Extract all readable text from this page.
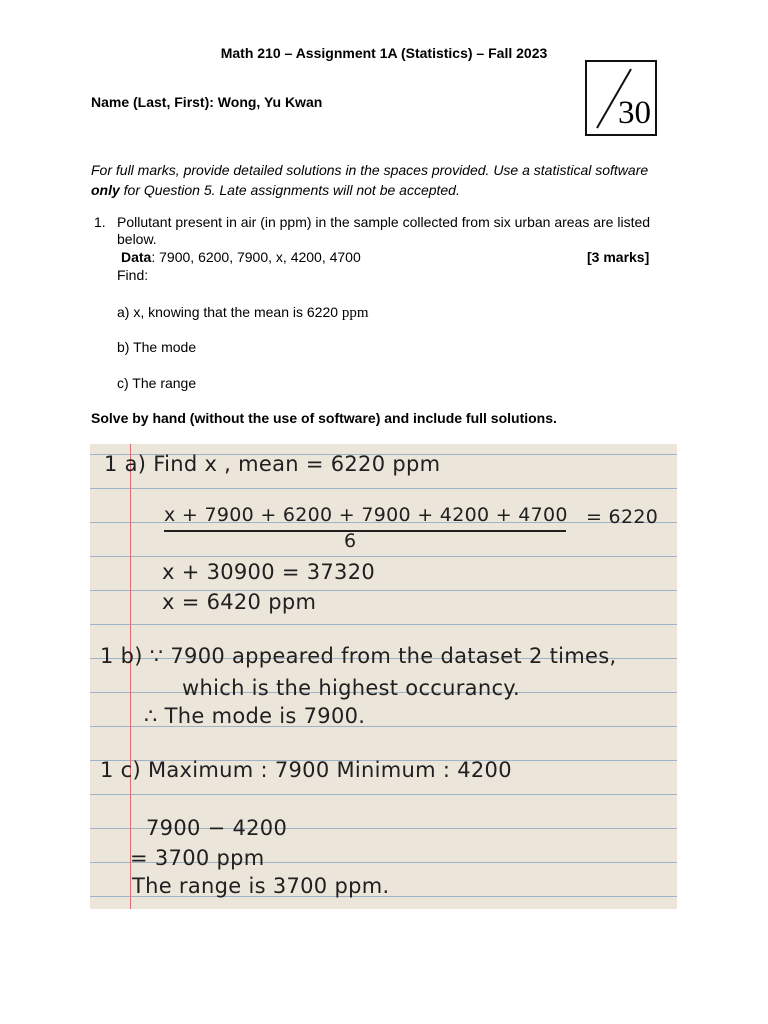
Math 210 – Assignment 1A (Statistics) – Fall 2023
Name (Last, First): Wong, Yu Kwan	30
For full marks, provide detailed solutions in the spaces provided. Use a statistical software only for Question 5. Late assignments will not be accepted.
1. Pollutant present in air (in ppm) in the sample collected from six urban areas are listed below.
Data: 7900, 6200, 7900, x, 4200, 4700	[3 marks]
Find:
a) x, knowing that the mean is 6220 ppm
b) The mode
c) The range
Solve by hand (without the use of software) and include full solutions.
1 a) Find x , mean = 6220 ppm
x + 7900 + 6200 + 7900 + 4200 + 4700 = 6220
6
x + 30900 = 37320
x = 6420 ppm
1 b) ∵ 7900 appeared from the dataset 2 times,
which is the highest occurancy.
∴ The mode is 7900.
1 c) Maximum : 7900 Minimum : 4200
7900 − 4200
= 3700 ppm
The range is 3700 ppm.
